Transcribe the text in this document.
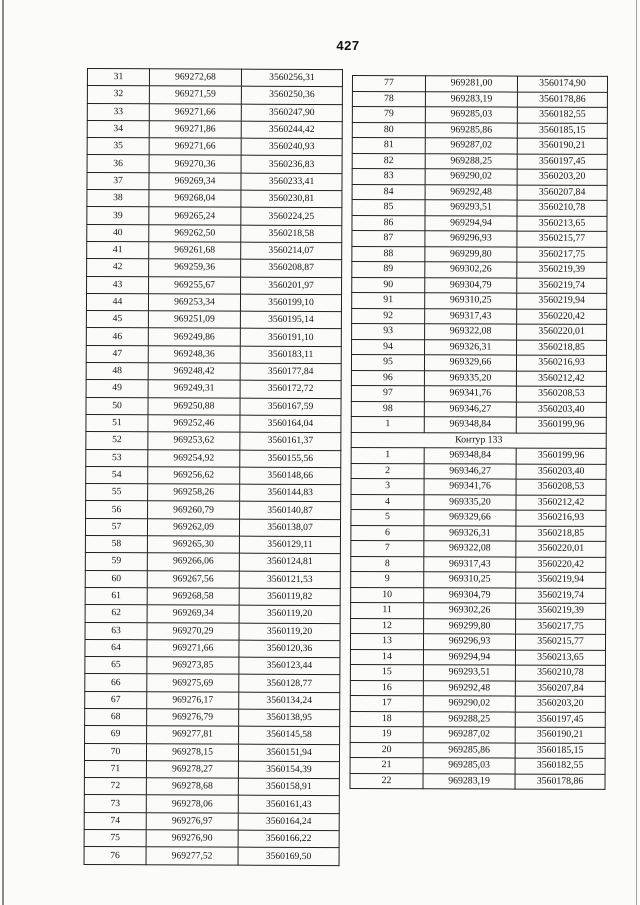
427
31	969272,68	3560256,31
32	969271,59	3560250,36
33	969271,66	3560247,90
34	969271,86	3560244,42
35	969271,66	3560240,93
36	969270,36	3560236,83
37	969269,34	3560233,41
38	969268,04	3560230,81
39	969265,24	3560224,25
40	969262,50	3560218,58
41	969261,68	3560214,07
42	969259,36	3560208,87
43	969255,67	3560201,97
44	969253,34	3560199,10
45	969251,09	3560195,14
46	969249,86	3560191,10
47	969248,36	3560183,11
48	969248,42	3560177,84
49	969249,31	3560172,72
50	969250,88	3560167,59
51	969252,46	3560164,04
52	969253,62	3560161,37
53	969254,92	3560155,56
54	969256,62	3560148,66
55	969258,26	3560144,83
56	969260,79	3560140,87
57	969262,09	3560138,07
58	969265,30	3560129,11
59	969266,06	3560124,81
60	969267,56	3560121,53
61	969268,58	3560119,82
62	969269,34	3560119,20
63	969270,29	3560119,20
64	969271,66	3560120,36
65	969273,85	3560123,44
66	969275,69	3560128,77
67	969276,17	3560134,24
68	969276,79	3560138,95
69	969277,81	3560145,58
70	969278,15	3560151,94
71	969278,27	3560154,39
72	969278,68	3560158,91
73	969278,06	3560161,43
74	969276,97	3560164,24
75	969276,90	3560166,22
76	969277,52	3560169,50
77	969281,00	3560174,90
78	969283,19	3560178,86
79	969285,03	3560182,55
80	969285,86	3560185,15
81	969287,02	3560190,21
82	969288,25	3560197,45
83	969290,02	3560203,20
84	969292,48	3560207,84
85	969293,51	3560210,78
86	969294,94	3560213,65
87	969296,93	3560215,77
88	969299,80	3560217,75
89	969302,26	3560219,39
90	969304,79	3560219,74
91	969310,25	3560219,94
92	969317,43	3560220,42
93	969322,08	3560220,01
94	969326,31	3560218,85
95	969329,66	3560216,93
96	969335,20	3560212,42
97	969341,76	3560208,53
98	969346,27	3560203,40
1	969348,84	3560199,96
Контур 133		
1	969348,84	3560199,96
2	969346,27	3560203,40
3	969341,76	3560208,53
4	969335,20	3560212,42
5	969329,66	3560216,93
6	969326,31	3560218,85
7	969322,08	3560220,01
8	969317,43	3560220,42
9	969310,25	3560219,94
10	969304,79	3560219,74
11	969302,26	3560219,39
12	969299,80	3560217,75
13	969296,93	3560215,77
14	969294,94	3560213,65
15	969293,51	3560210,78
16	969292,48	3560207,84
17	969290,02	3560203,20
18	969288,25	3560197,45
19	969287,02	3560190,21
20	969285,86	3560185,15
21	969285,03	3560182,55
22	969283,19	3560178,86
